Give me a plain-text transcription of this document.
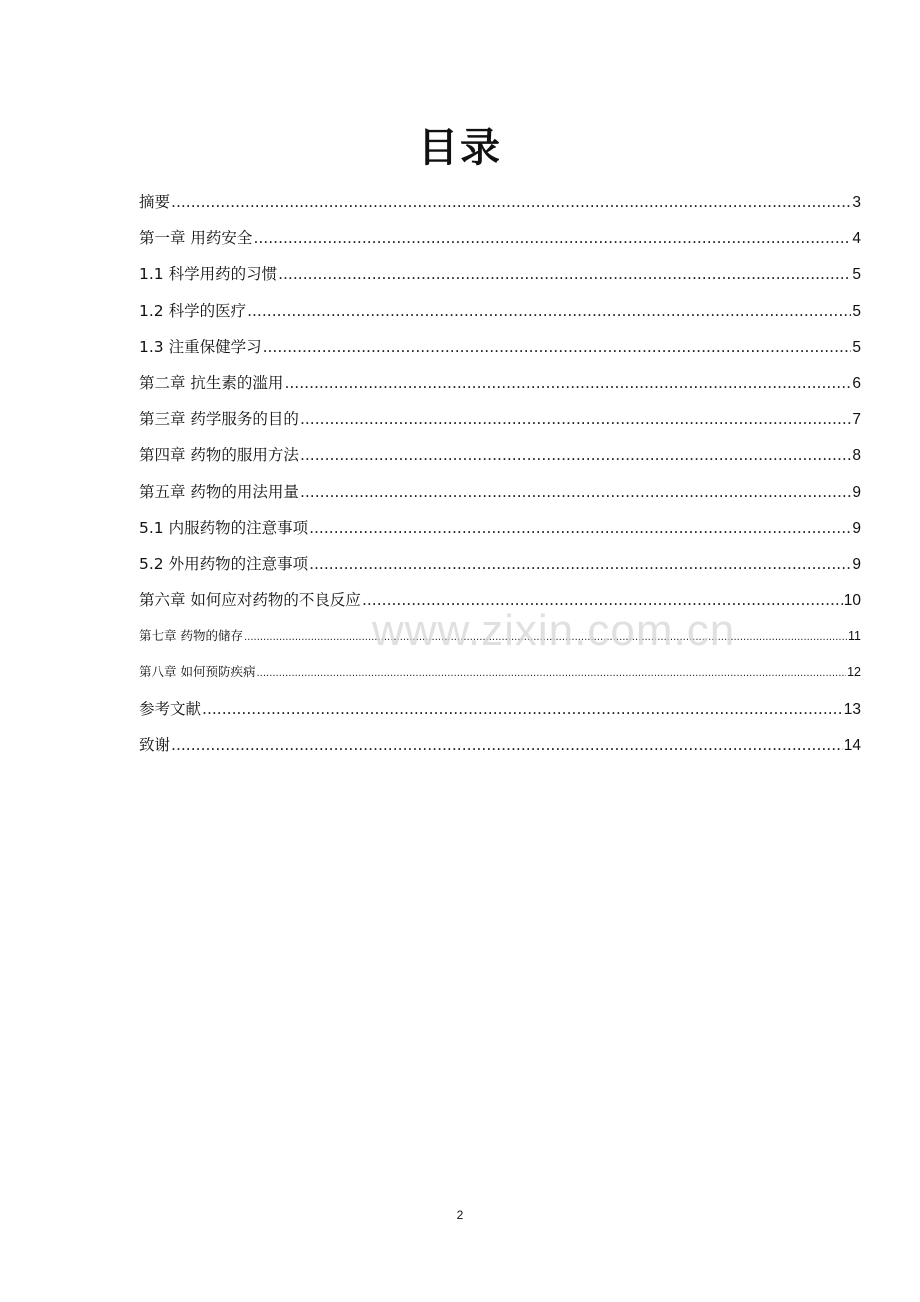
目录
摘要 .....	3
第一章 用药安全 .....	4
1.1 科学用药的习惯 .....	5
1.2 科学的医疗 .....	5
1.3 注重保健学习 .....	5
第二章 抗生素的滥用 .....	6
第三章 药学服务的目的 .....	7
第四章 药物的服用方法 .....	8
第五章 药物的用法用量 .....	9
5.1 内服药物的注意事项 .....	9
5.2 外用药物的注意事项 .....	9
第六章 如何应对药物的不良反应 .....	10
第七章 药物的储存 .....	11
第八章 如何预防疾病 .....	12
参考文献 .....	13
致谢 .....	14
www.zixin.com.cn
2
